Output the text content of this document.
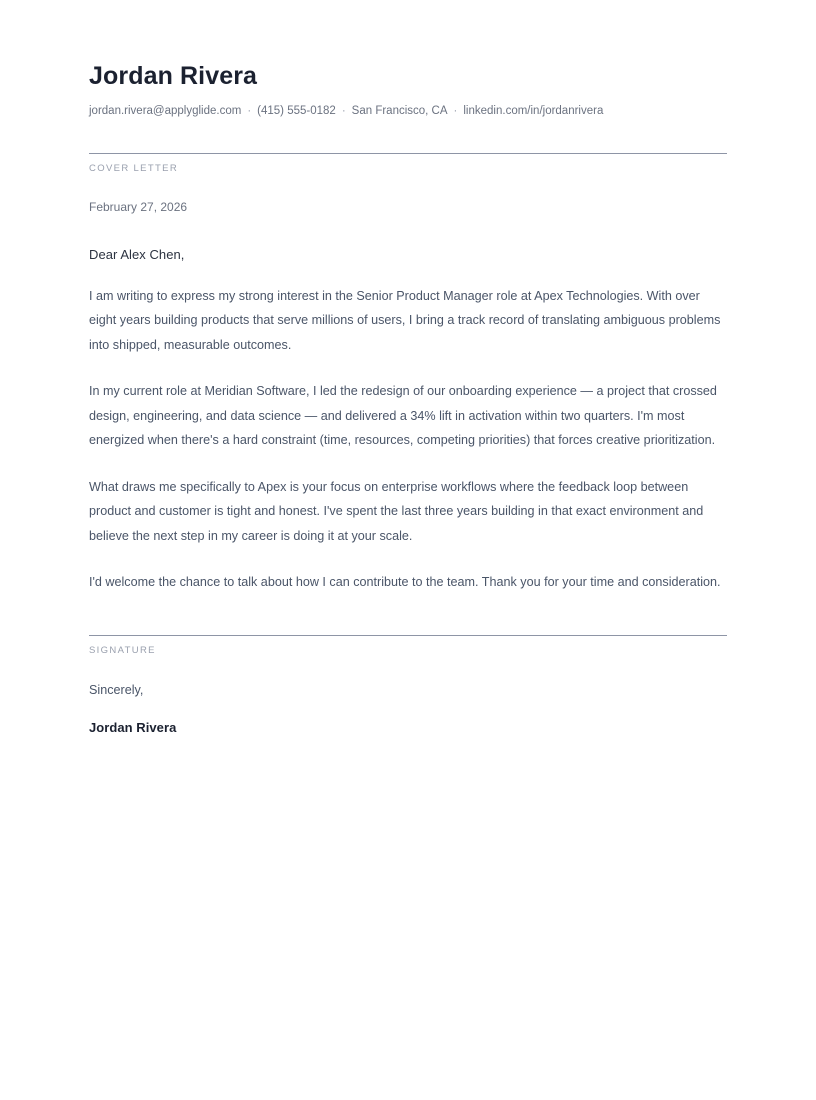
Jordan Rivera
jordan.rivera@applyglide.com · (415) 555-0182 · San Francisco, CA · linkedin.com/in/jordanrivera
COVER LETTER
February 27, 2026
Dear Alex Chen,
I am writing to express my strong interest in the Senior Product Manager role at Apex Technologies. With over eight years building products that serve millions of users, I bring a track record of translating ambiguous problems into shipped, measurable outcomes.
In my current role at Meridian Software, I led the redesign of our onboarding experience — a project that crossed design, engineering, and data science — and delivered a 34% lift in activation within two quarters. I'm most energized when there's a hard constraint (time, resources, competing priorities) that forces creative prioritization.
What draws me specifically to Apex is your focus on enterprise workflows where the feedback loop between product and customer is tight and honest. I've spent the last three years building in that exact environment and believe the next step in my career is doing it at your scale.
I'd welcome the chance to talk about how I can contribute to the team. Thank you for your time and consideration.
SIGNATURE
Sincerely,
Jordan Rivera
